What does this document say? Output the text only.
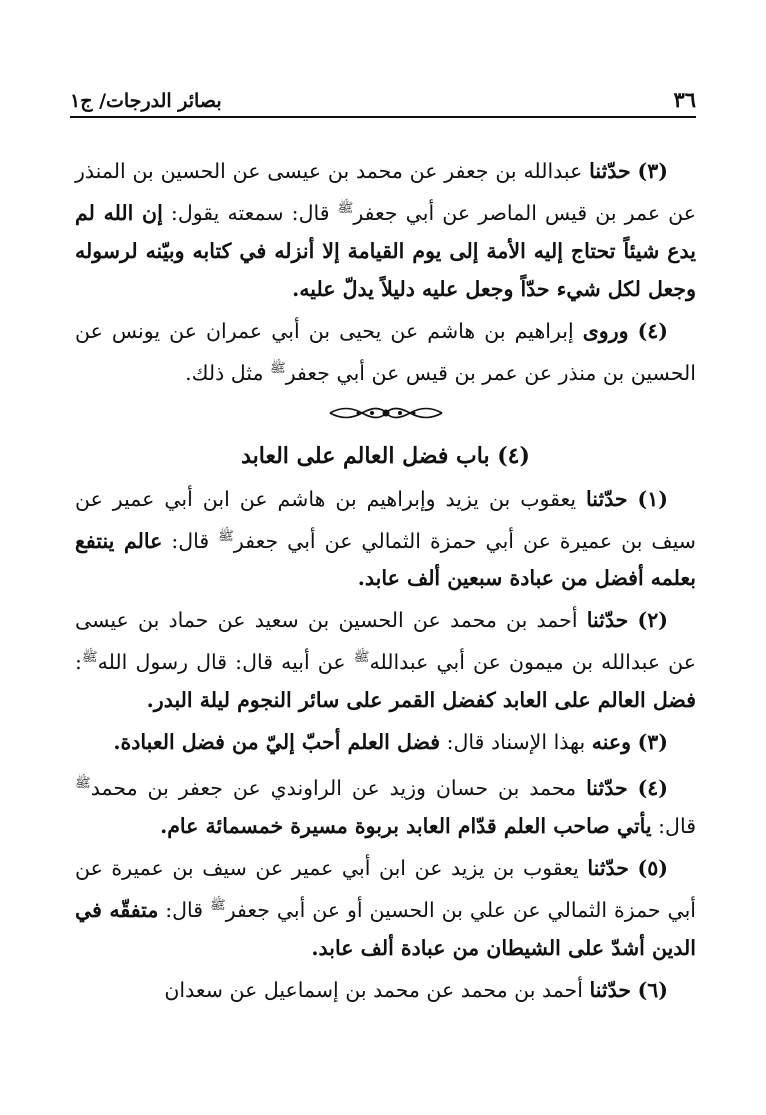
٣٦
بصائر الدرجات/ ج١

(٣) حدّثنا عبدالله بن جعفر عن محمد بن عيسى عن الحسين بن المنذر عن عمر بن قيس الماصر عن أبي جعفر$^ﷺ$ قال: سمعته يقول: إن الله لم يدع شيئاً تحتاج إليه الأمة إلى يوم القيامة إلا أنزله في كتابه وبيّنه لرسوله وجعل لكل شيء حدّاً وجعل عليه دليلاً يدلّ عليه.

(٤) وروى إبراهيم بن هاشم عن يحيى بن أبي عمران عن يونس عن الحسين بن منذر عن عمر بن قيس عن أبي جعفر$^ﷺ$ مثل ذلك.

(٤) باب فضل العالم على العابد

(١) حدّثنا يعقوب بن يزيد وإبراهيم بن هاشم عن ابن أبي عمير عن سيف بن عميرة عن أبي حمزة الثمالي عن أبي جعفر$^ﷺ$ قال: عالم ينتفع بعلمه أفضل من عبادة سبعين ألف عابد.

(٢) حدّثنا أحمد بن محمد عن الحسين بن سعيد عن حماد بن عيسى عن عبدالله بن ميمون عن أبي عبدالله$^ﷺ$ عن أبيه قال: قال رسول الله$^ﷺ$: فضل العالم على العابد كفضل القمر على سائر النجوم ليلة البدر.

(٣) وعنه بهذا الإسناد قال: فضل العلم أحبّ إليّ من فضل العبادة.

(٤) حدّثنا محمد بن حسان وزيد عن الراوندي عن جعفر بن محمد$^ﷺ$ قال: يأتي صاحب العلم قدّام العابد بربوة مسيرة خمسمائة عام.

(٥) حدّثنا يعقوب بن يزيد عن ابن أبي عمير عن سيف بن عميرة عن أبي حمزة الثمالي عن علي بن الحسين أو عن أبي جعفر$^ﷺ$ قال: متفقّه في الدين أشدّ على الشيطان من عبادة ألف عابد.

(٦) حدّثنا أحمد بن محمد عن محمد بن إسماعيل عن سعدان
